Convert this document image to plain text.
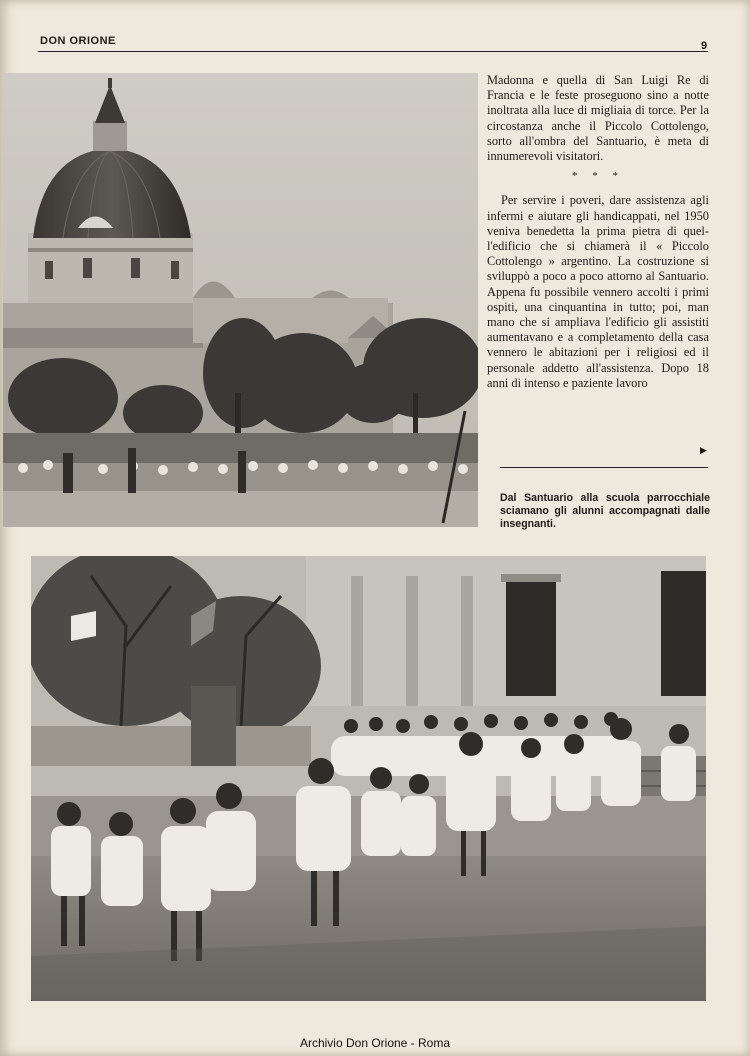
DON ORIONE	9

Madonna e quella di San Luigi Re di Francia e le feste proseguono sino a notte inoltrata alla luce di migliaia di torce. Per la circostanza anche il Piccolo Cottolengo, sorto all'ombra del Santuario, è meta di innumerevoli visitatori.

* * *

Per servire i poveri, dare assistenza agli infermi e aiutare gli handicappati, nel 1950 veniva benedetta la prima pietra di quell'edificio che si chiamerà il « Piccolo Cottolengo » argentino. La costruzione si sviluppò a poco a poco attorno al Santuario. Appena fu possibile vennero accolti i primi ospiti, una cinquantina in tutto; poi, man mano che si ampliava l'edificio gli assistiti aumentavano e a completamento della casa vennero le abitazioni per i religiosi ed il personale addetto all'assistenza. Dopo 18 anni di intenso e paziente lavoro

▶
Dal Santuario alla scuola parrocchiale sciamano gli alunni accompagnati dalle insegnanti.
Archivio Don Orione - Roma
